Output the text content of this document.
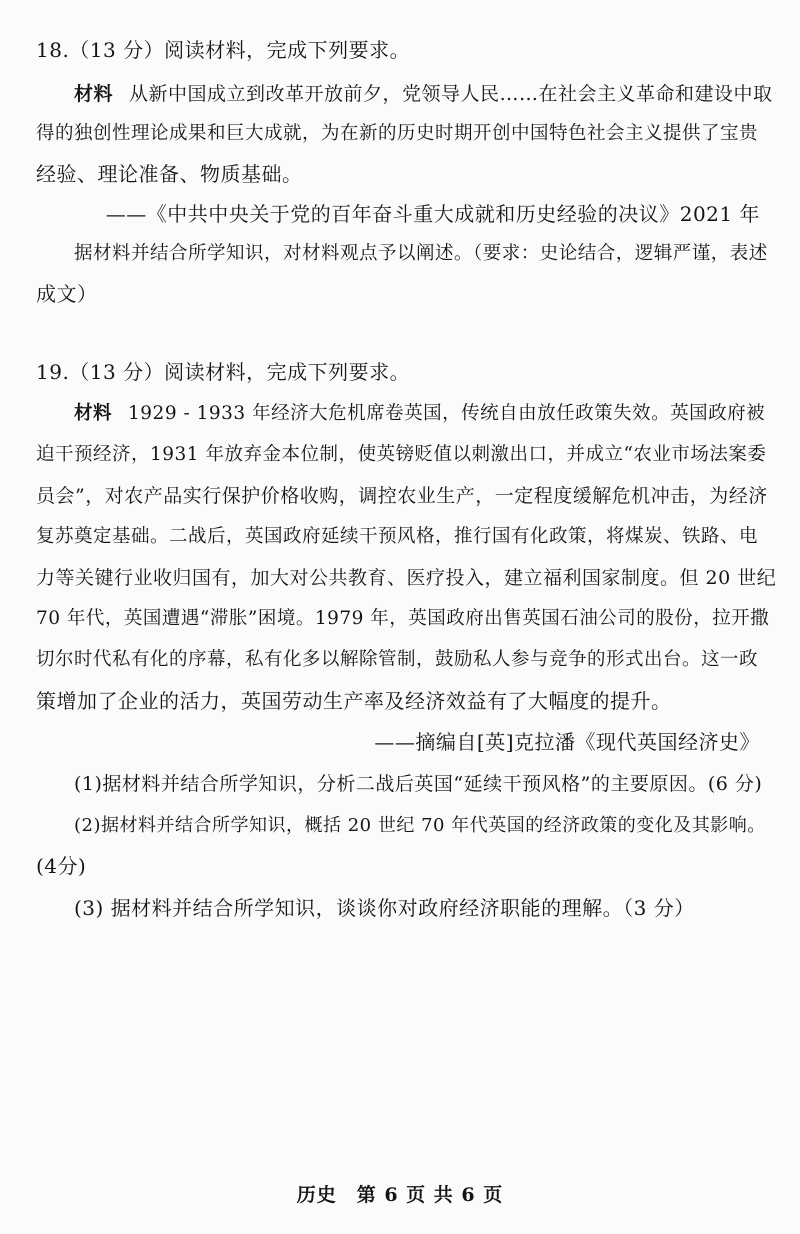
18.（13 分）阅读材料，完成下列要求。
材料 从新中国成立到改革开放前夕，党领导人民……在社会主义革命和建设中取
得的独创性理论成果和巨大成就，为在新的历史时期开创中国特色社会主义提供了宝贵
经验、理论准备、物质基础。
——《中共中央关于党的百年奋斗重大成就和历史经验的决议》2021 年
据材料并结合所学知识，对材料观点予以阐述。（要求：史论结合，逻辑严谨，表述
成文）
19.（13 分）阅读材料，完成下列要求。
材料 1929 - 1933 年经济大危机席卷英国，传统自由放任政策失效。英国政府被
迫干预经济，1931 年放弃金本位制，使英镑贬值以刺激出口，并成立“农业市场法案委
员会”，对农产品实行保护价格收购，调控农业生产，一定程度缓解危机冲击，为经济
复苏奠定基础。二战后，英国政府延续干预风格，推行国有化政策，将煤炭、铁路、电
力等关键行业收归国有，加大对公共教育、医疗投入，建立福利国家制度。但 20 世纪
70 年代，英国遭遇“滞胀”困境。1979 年，英国政府出售英国石油公司的股份，拉开撒
切尔时代私有化的序幕，私有化多以解除管制，鼓励私人参与竞争的形式出台。这一政
策增加了企业的活力，英国劳动生产率及经济效益有了大幅度的提升。
——摘编自[英]克拉潘《现代英国经济史》
(1)据材料并结合所学知识，分析二战后英国“延续干预风格”的主要原因。(6 分)
(2)据材料并结合所学知识，概括 20 世纪 70 年代英国的经济政策的变化及其影响。
(4分)
(3) 据材料并结合所学知识，谈谈你对政府经济职能的理解。（3 分）
历史　第 6 页 共 6 页
